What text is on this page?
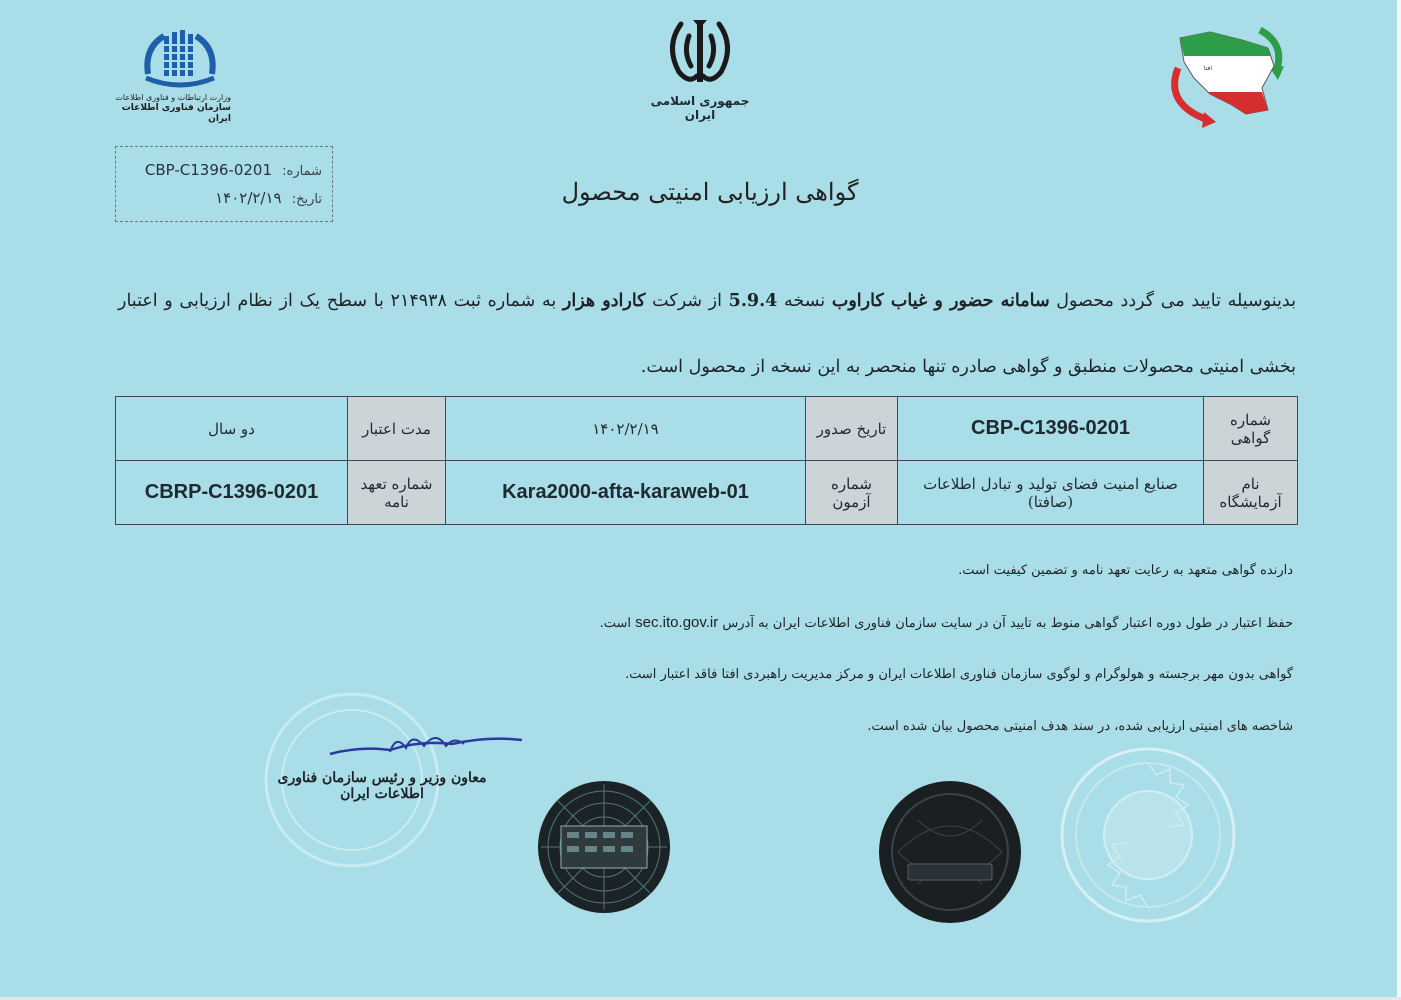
وزارت ارتباطات و فناوری اطلاعات
سازمان فناوری اطلاعات ایران
جمهوری اسلامی ایران
افتا
شماره: CBP-C1396-0201
تاریخ: ۱۴۰۲/۲/۱۹	گواهی ارزیابی امنیتی محصول
بدینوسیله تایید می گردد محصول سامانه حضور و غیاب کاراوب نسخه 5.9.4 از شرکت کارادو هزار به شماره ثبت ۲۱۴۹۳۸ با سطح یک از نظام ارزیابی و اعتبار بخشی امنیتی محصولات منطبق و گواهی صادره تنها منحصر به این نسخه از محصول است.
شماره گواهی	CBP-C1396-0201	تاریخ صدور	۱۴۰۲/۲/۱۹	مدت اعتبار	دو سال
نام آزمایشگاه	صنایع امنیت فضای تولید و تبادل اطلاعات (صافتا)	شماره آزمون	Kara2000-afta-karaweb-01	شماره تعهد نامه	CBRP-C1396-0201

دارنده گواهی متعهد به رعایت تعهد نامه و تضمین کیفیت است.

حفظ اعتبار در طول دوره اعتبار گواهی منوط به تایید آن در سایت سازمان فناوری اطلاعات ایران به آدرس sec.ito.gov.ir است.

گواهی بدون مهر برجسته و هولوگرام و لوگوی سازمان فناوری اطلاعات ایران و مرکز مدیریت راهبردی افتا فاقد اعتبار است.

شاخصه های امنیتی ارزیابی شده، در سند هدف امنیتی محصول بیان شده است.

معاون وزیر و رئیس سازمان فناوری اطلاعات ایران
